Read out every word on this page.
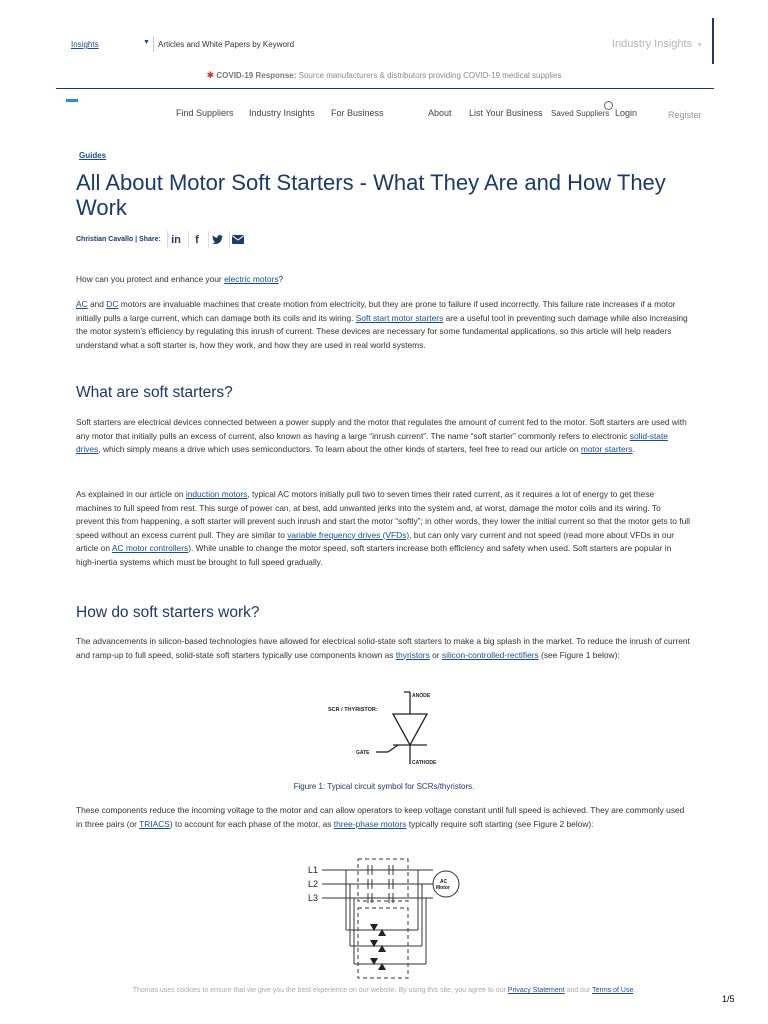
Insights	▼ Articles and White Papers by Keyword	Industry Insights ▼
✱ COVID-19 Response: Source manufacturers & distributors providing COVID-19 medical supplies
Find Suppliers Industry Insights For Business	About List Your Business Saved Suppliers Login	Register
Guides
All About Motor Soft Starters - What They Are and How They Work
Christian Cavallo | Share: in	f

How can you protect and enhance your electric motors?

AC and DC motors are invaluable machines that create motion from electricity, but they are prone to failure if used incorrectly. This failure rate increases if a motor initially pulls a large current, which can damage both its coils and its wiring. Soft start motor starters are a useful tool in preventing such damage while also increasing the motor system’s efficiency by regulating this inrush of current. These devices are necessary for some fundamental applications, so this article will help readers understand what a soft starter is, how they work, and how they are used in real world systems.

What are soft starters?

Soft starters are electrical devices connected between a power supply and the motor that regulates the amount of current fed to the motor. Soft starters are used with any motor that initially pulls an excess of current, also known as having a large “inrush current”. The name “soft starter” commonly refers to electronic solid-state drives, which simply means a drive which uses semiconductors. To learn about the other kinds of starters, feel free to read our article on motor starters.

As explained in our article on induction motors, typical AC motors initially pull two to seven times their rated current, as it requires a lot of energy to get these machines to full speed from rest. This surge of power can, at best, add unwanted jerks into the system and, at worst, damage the motor coils and its wiring. To prevent this from happening, a soft starter will prevent such inrush and start the motor “softly”; in other words, they lower the initial current so that the motor gets to full speed without an excess current pull. They are similar to variable frequency drives (VFDs), but can only vary current and not speed (read more about VFDs in our article on AC motor controllers). While unable to change the motor speed, soft starters increase both efficiency and safety when used. Soft starters are popular in high-inertia systems which must be brought to full speed gradually.

How do soft starters work?

The advancements in silicon-based technologies have allowed for electrical solid-state soft starters to make a big splash in the market. To reduce the inrush of current and ramp-up to full speed, solid-state soft starters typically use components known as thyristors or silicon-controlled-rectifiers (see Figure 1 below):

SCR / THYRISTOR:
ANODE
GATE
CATHODE
Figure 1: Typical circuit symbol for SCRs/thyristors.

These components reduce the incoming voltage to the motor and can allow operators to keep voltage constant until full speed is achieved. They are commonly used in three pairs (or TRIACS) to account for each phase of the motor, as three-phase motors typically require soft starting (see Figure 2 below):

L1
L2
L3
AC
Motor
Thomas uses cookies to ensure that we give you the best experience on our website. By using this site, you agree to our Privacy Statement and our Terms of Use.
1/5
